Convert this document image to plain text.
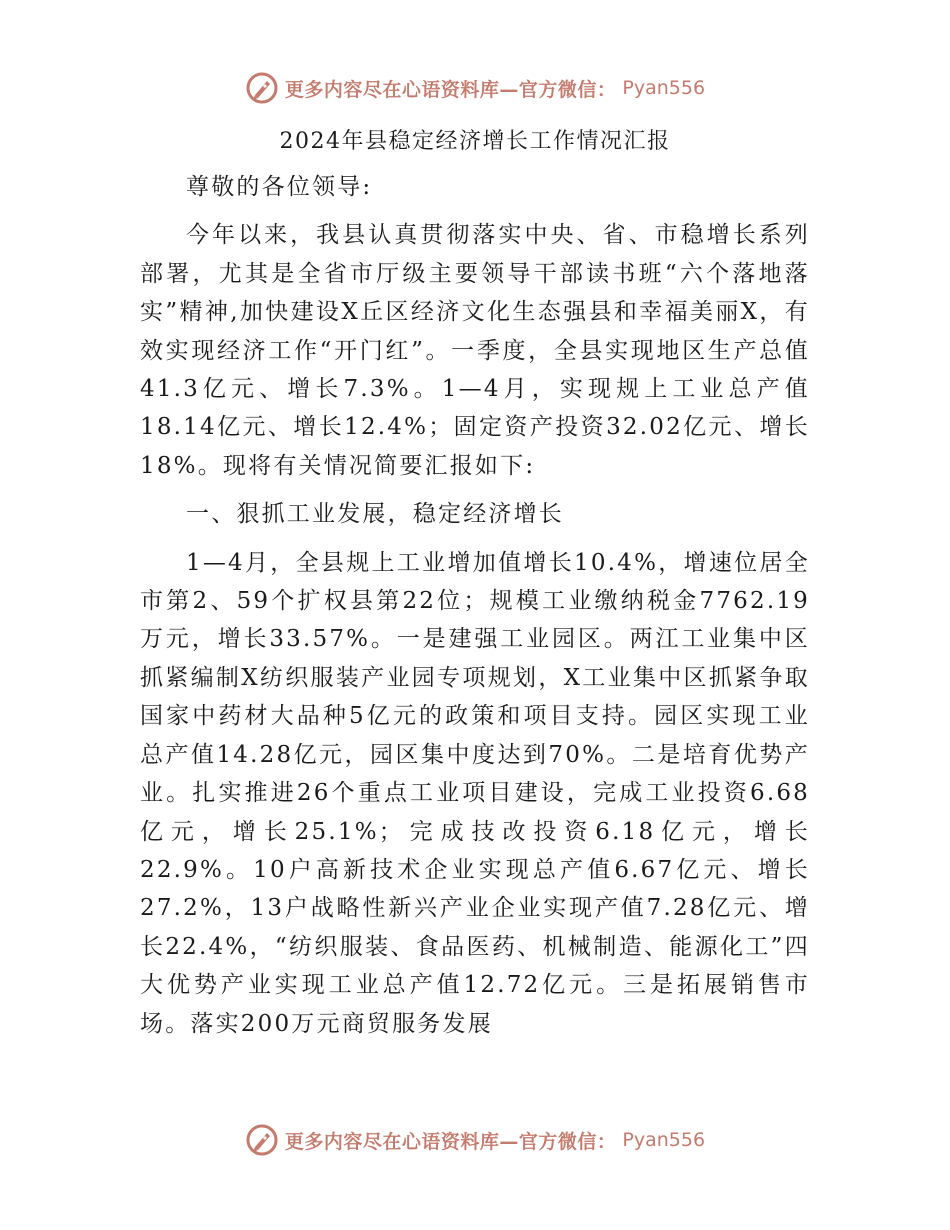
更多内容尽在心语资料库—官方微信： Pyan556
2024年县稳定经济增长工作情况汇报

尊敬的各位领导:

今年以来，我县认真贯彻落实中央、省、市稳增长系列部署，尤其是全省市厅级主要领导干部读书班“六个落地落实”精神,加快建设X丘区经济文化生态强县和幸福美丽X，有效实现经济工作“开门红”。一季度，全县实现地区生产总值41.3亿元、增长7.3%。1—4月，实现规上工业总产值18.14亿元、增长12.4%；固定资产投资32.02亿元、增长18%。现将有关情况简要汇报如下:

一、狠抓工业发展，稳定经济增长

1—4月，全县规上工业增加值增长10.4%，增速位居全市第2、59个扩权县第22位；规模工业缴纳税金7762.19万元，增长33.57%。一是建强工业园区。两江工业集中区抓紧编制X纺织服装产业园专项规划，X工业集中区抓紧争取国家中药材大品种5亿元的政策和项目支持。园区实现工业总产值14.28亿元，园区集中度达到70%。二是培育优势产业。扎实推进26个重点工业项目建设，完成工业投资6.68亿元，增长25.1%；完成技改投资6.18亿元，增长22.9%。10户高新技术企业实现总产值6.67亿元、增长27.2%，13户战略性新兴产业企业实现产值7.28亿元、增长22.4%，“纺织服装、食品医药、机械制造、能源化工”四大优势产业实现工业总产值12.72亿元。三是拓展销售市场。落实200万元商贸服务发展

更多内容尽在心语资料库—官方微信： Pyan556
